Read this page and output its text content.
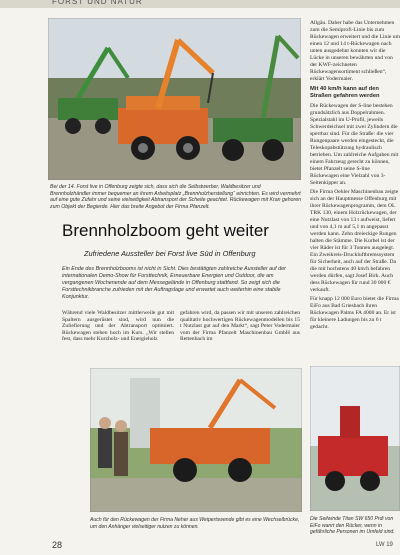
FORST UND NATUR
Bei der 14. Forst live in Offenburg zeigte sich, dass sich die Selbstwerber, Waldbesitzer und Brennholzhändler immer bequemer an ihrem Arbeitsplatz „Brennholzherstellung“ einrichten. Es wird vermehrt auf eine gute Zufahr und seine vielseitigkeit Abtransport der Scheite geachtet. Rückewagen mit Kran gehoren zum Objekt der Begierde. Hier das breite Angebot der Firma Pfanzelt.
Brennholzboom geht weiter
Zufriedene Aussteller bei Forst live Süd in Offenburg
Ein Ende des Brennholzbooms ist nicht in Sicht. Dies bestätigten zahlreiche Aussteller auf der internationalen Demo-Show für Forsttechnik, Erneuerbare Energien und Outdoor, die am vergangenen Wochenende auf dem Messegelände in Offenburg stattfand. So zeigt sich die Forsttechnikbranche zufrieden mit der Auftragslage und erwartet auch weiterhin eine stabile Konjunktur.
Während viele Waldbesitzer mittlerweile gut mit Spaltern ausgerüstet sind, wird nun die Zuliefierung und der Abtransport optimiert. Rückewagen stehen hoch im Kurs. „Wir stellen fest, dass mehr Kurzholz- und Energieholz
gefahren wird, da passen wir mit unseren zahlreichen qualitativ hochwertigen Rückewagenmodellen bis 15 t Nutzlast gut auf den Markt“, sagt Peter Vodermaier vom der Firma Pfanzelt Maschinenbau GmbH aus Rettenbach im
Auch für den Rückewagen der Firma Neher aus Weipertswende gibt es eine Wechselbrücke, um den Anhänger vielseitiger nutzen zu können.
Allgäu. Daher habe das Unternehmen zum die Semiprofi-Linie bis zum Rückewagen erweitert und die Linie um einen 12 und 14 t-Rückewagen nach unten ausgedehnt konnten wir die Lücke in unseren bewährten und von der KWF-zeichneten Rückewagensortiment schließen“, erklärt Vodermaier.
Mit 40 km/h kann auf den Straßen gefahren werden
Die Rückewagen der S-line bestehen grundsätzlich aus Doppelrahmen. Spezialstahl im U-Profil, jeweils Schwerdeichsel mit zwei Zylindern die sperrbar sind. Für die Straße: die vier Rungenpaare werden eingesteckt, die Teleskopabstützung hydraulisch betrieben. Um zahlreiche Aufgaben mit einem Fahrzeug gerecht zu können, bietet Pfanzelt seine S-line Rückewagen eine Vielzahl von 3-Seitenkipper an.
Die Firma Oehler Maschinenbau zeigte sich an der Hauptmesse Offenburg mit ihrer Rückewagenprogramm, dem OL TRK 130, einem Holzrückewagen, der eine Nutzlast von 13 t aufweist, liefert und von 4,1 m auf 5,1 m angepasst werden kann. Zehn dreieckige Rungen halten die Stämme. Die Kurbel ist der vier Räder ist für 3 Tonnen ausgelegt. Ein Zweikreis-Druckluftbremssystem für Sicherheit, auch auf der Straße. Da die mit hochstens 40 km/h befahren werden dürfen, sagt Josef Birk. Auch dess Rückewagen für rund 30 000 € verkauft.
Für knapp 12 000 Euro bietet die Firma EiFo aus Bad Griesbach ihren Rückewagen Palms FA 4000 an. Er ist für kleinere Ladungen bis zu 6 t gedacht.
Die Seilwinde Titan SW 650 Prdi von EiFo wanrt den Rücker, wenn in gefährliche Personen im Umfeld sind.
28	LW 19
